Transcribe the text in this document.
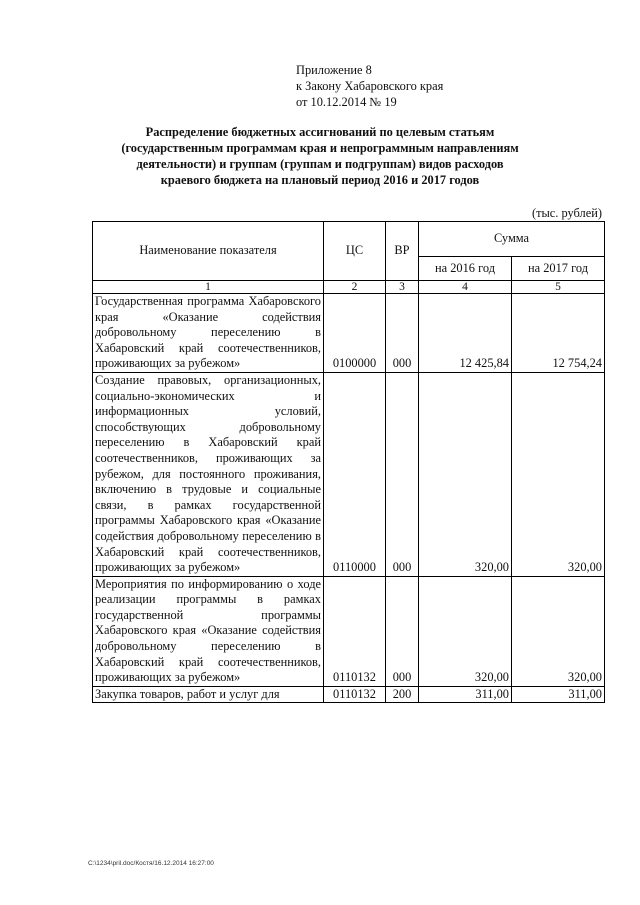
Приложение 8
к Закону Хабаровского края
от 10.12.2014 № 19
Распределение бюджетных ассигнований по целевым статьям (государственным программам края и непрограммным направлениям деятельности) и группам (группам и подгруппам) видов расходов краевого бюджета на плановый период 2016 и 2017 годов
(тыс. рублей)
Наименование показателя	ЦС	ВР	Сумма	
			на 2016 год	на 2017 год
1	2	3	4	5
Государственная программа Хабаровского края «Оказание содействия добровольному переселению в Хабаровский край соотечественников, проживающих за рубежом»	0100000	000	12 425,84	12 754,24
Создание правовых, организационных, социально-экономических и информационных условий, способствующих добровольному переселению в Хабаровский край соотечественников, проживающих за рубежом, для постоянного проживания, включению в трудовые и социальные связи, в рамках государственной программы Хабаровского края «Оказание содействия добровольному переселению в Хабаровский край соотечественников, проживающих за рубежом»	0110000	000	320,00	320,00
Мероприятия по информированию о ходе реализации программы в рамках государственной программы Хабаровского края «Оказание содействия добровольному переселению в Хабаровский край соотечественников, проживающих за рубежом»	0110132	000	320,00	320,00
Закупка товаров, работ и услуг для	0110132	200	311,00	311,00
C:\1234\pril.doc/Костя/16.12.2014 16:27:00
